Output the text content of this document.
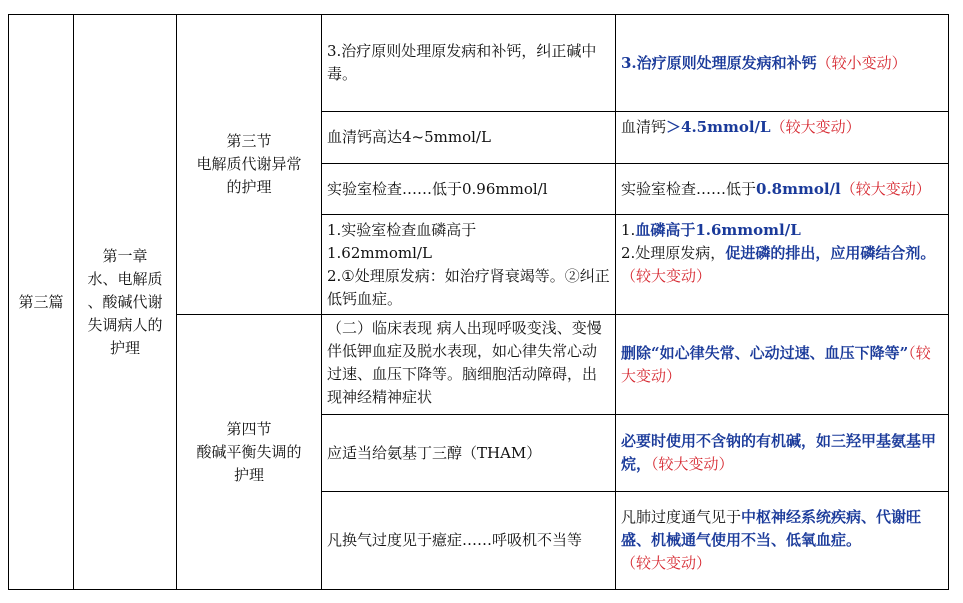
第三篇
第一章
水、电解质
、酸碱代谢
失调病人的
护理
第三节
电解质代谢异常
的护理
第四节
酸碱平衡失调的
护理
3.治疗原则处理原发病和补钙，纠正碱中毒。
血清钙高达4~5mmol/L
实验室检查……低于0.96mmol/l
1.实验室检查血磷高于
1.62mmoml/L
2.①处理原发病：如治疗肾衰竭等。②纠正低钙血症。
（二）临床表现 病人出现呼吸变浅、变慢伴低钾血症及脱水表现，如心律失常心动过速、血压下降等。脑细胞活动障碍，出现神经精神症状
应适当给氨基丁三醇（THAM）
凡换气过度见于癔症……呼吸机不当等
3.治疗原则处理原发病和补钙（较小变动）
血清钙＞4.5mmol/L（较大变动）
实验室检查……低于0.8mmol/l（较大变动）
1.血磷高于1.6mmoml/L
2.处理原发病，促进磷的排出，应用磷结合剂。（较大变动）
删除“如心律失常、心动过速、血压下降等”（较大变动）
必要时使用不含钠的有机碱，如三羟甲基氨基甲烷，（较大变动）
凡肺过度通气见于中枢神经系统疾病、代谢旺盛、机械通气使用不当、低氧血症。（较大变动）
